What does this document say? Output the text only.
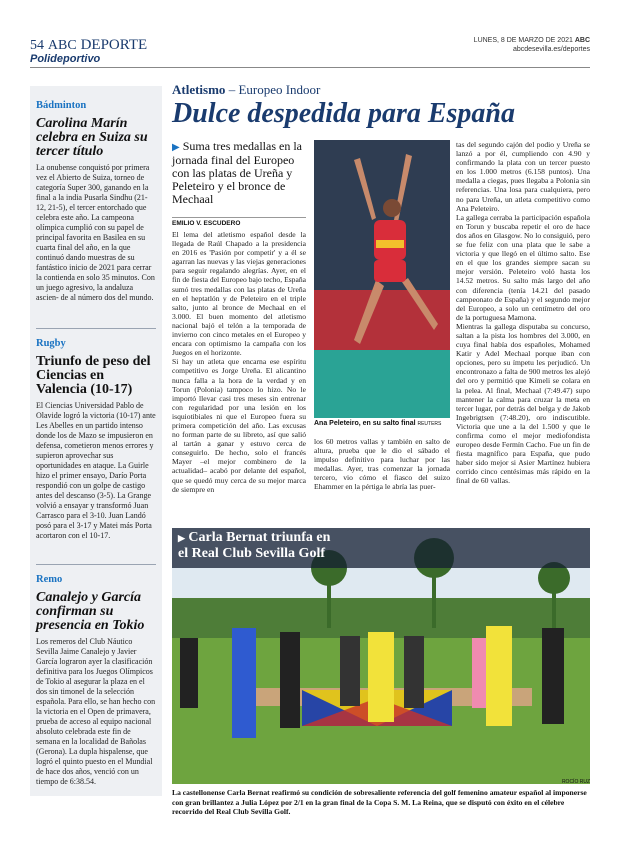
54 ABC DEPORTE
Polideportivo
LUNES, 8 DE MARZO DE 2021 ABC
abcdesevilla.es/deportes
Bádminton
Carolina Marín celebra en Suiza su tercer título
La onubense conquistó por primera vez el Abierto de Suiza, torneo de categoría Super 300, ganando en la final a la india Pusarla Sindhu (21-12, 21-5), el tercer entorchado que celebra este año. La campeona olímpica cumplió con su papel de principal favorita en Basilea en su cuarta final del año, en la que continuó dando muestras de su fantástico inicio de 2021 para cerrar la contienda en solo 35 minutos. Con un juego agresivo, la andaluza ascien- de al número dos del mundo.
Rugby
Triunfo de peso del Ciencias en Valencia (10-17)
El Ciencias Universidad Pablo de Olavide logró la victoria (10-17) ante Les Abelles en un partido intenso donde los de Mazo se impusieron en defensa, cometieron menos errores y supieron aprovechar sus oportunidades en ataque. La Guirle hizo el primer ensayo, Darío Porta respondió con un golpe de castigo antes del descanso (3-5). La Grange volvió a ensayar y transformó Juan Carrasco para el 3-10. Juan Landó posó para el 3-17 y Matei más Porta acortaron con el 10-17.
Remo
Canalejo y García confirman su presencia en Tokio
Los remeros del Club Náutico Sevilla Jaime Canalejo y Javier García lograron ayer la clasificación definitiva para los Juegos Olímpicos de Tokio al asegurar la plaza en el dos sin timonel de la selección española. Para ello, se han hecho con la victoria en el Open de primavera, prueba de acceso al equipo nacional absoluto celebrada este fin de semana en la localidad de Bañolas (Gerona). La dupla hispalense, que logró el quinto puesto en el Mundial de hace dos años, venció con un tiempo de 6:38.54.
Atletismo – Europeo Indoor
Dulce despedida para España
▶ Suma tres medallas en la jornada final del Europeo con las platas de Ureña y Peleteiro y el bronce de Mechaal
EMILIO V. ESCUDERO
El lema del atletismo español desde la llegada de Raúl Chapado a la presidencia en 2016 es 'Pasión por competir' y a él se agarran las nuevas y las viejas generaciones para seguir regalando alegrías. Ayer, en el fin de fiesta del Europeo bajo techo, España sumó tres medallas con las platas de Ureña en el heptatlón y de Peleteiro en el triple salto, junto al bronce de Mechaal en el 3.000. El buen momento del atletismo nacional bajó el telón a la temporada de invierno con cinco metales en el Europeo y encara con optimismo la campaña con los Juegos en el horizonte.
Si hay un atleta que encarna ese espíritu competitivo es Jorge Ureña. El alicantino nunca falla a la hora de la verdad y en Torun (Polonia) tampoco lo hizo. No le importó llevar casi tres meses sin entrenar con regularidad por una lesión en los isquiotibiales ni que el Europeo fuera su primera competición del año. Las excusas no forman parte de su libreto, así que salió al tartán a ganar y estuvo cerca de conseguirlo. De hecho, solo el francés Mayer –el mejor combinero de la actualidad– acabó por delante del español, que se quedó muy cerca de su mejor marca de siempre en
Ana Peleteiro, en su salto final REUTERS
los 60 metros vallas y también en salto de altura, prueba que le dio el sábado el impulso definitivo para luchar por las medallas. Ayer, tras comenzar la jornada tercero, vio cómo el fiasco del suizo Ehammer en la pértiga le abría las puer-
tas del segundo cajón del podio y Ureña se lanzó a por él, cumpliendo con 4.90 y confirmando la plata con un tercer puesto en los 1.000 metros (6.158 puntos). Una medalla a ciegas, pues llegaba a Polonia sin referencias. Una losa para cualquiera, pero no para Ureña, un atleta competitivo como Ana Peleteiro.
La gallega cerraba la participación española en Torun y buscaba repetir el oro de hace dos años en Glasgow. No lo consiguió, pero se fue feliz con una plata que le sabe a victoria y que llegó en el último salto. Ese en el que los grandes siempre sacan su mejor versión. Peleteiro voló hasta los 14.52 metros. Su salto más largo del año con diferencia (tenía 14.21 del pasado campeonato de España) y el segundo mejor del Europeo, a solo un centímetro del oro de la portuguesa Mamona.
Mientras la gallega disputaba su concurso, saltan a la pista los hombres del 3.000, en cuya final había dos españoles, Mohamed Katir y Adel Mechaal porque iban con opciones, pero su ímpetu les perjudicó. Un encontronazo a falta de 900 metros les alejó del oro y permitió que Kimeli se colara en la pelea. Al final, Mechaal (7:49.47) supo mantener la calma para cruzar la meta en tercer lugar, por detrás del belga y de Jakob Ingebrigtsen (7:48.20), oro indiscutible. Victoria que une a la del 1.500 y que le confirma como el mejor mediofondista europeo desde Fermín Cacho. Fue un fin de fiesta magnífico para España, que pudo haber sido mejor si Asier Martínez hubiera corrido cinco centésimas más rápido en la final de 60 vallas.
▶ Carla Bernat triunfa en
el Real Club Sevilla Golf
ROCÍO RUZ
La castellonense Carla Bernat reafirmó su condición de sobresaliente referencia del golf femenino amateur español al imponerse con gran brillantez a Julia López por 2/1 en la gran final de la Copa S. M. La Reina, que se disputó con éxito en el célebre recorrido del Real Club Sevilla Golf.
